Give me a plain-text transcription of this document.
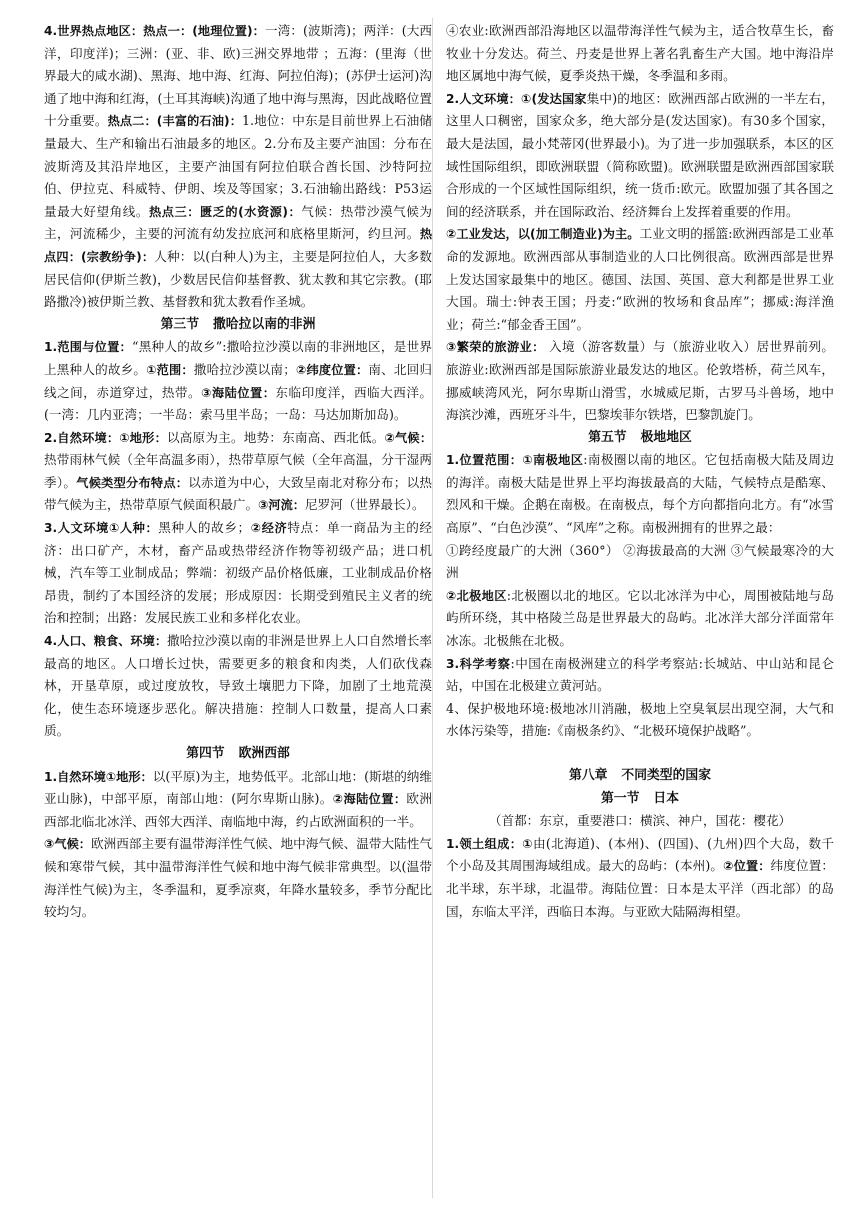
4.世界热点地区：热点一：(地理位置)：一湾：(波斯湾)；两洋：(大西洋，印度洋)；三洲：(亚、非、欧)三洲交界地带 ；五海：(里海（世界最大的咸水湖)、黑海、地中海、红海、阿拉伯海)；(苏伊士运河)沟通了地中海和红海，(土耳其海峡)沟通了地中海与黑海，因此战略位置十分重要。热点二：(丰富的石油)：1.地位：中东是目前世界上石油储量最大、生产和输出石油最多的地区。2.分布及主要产油国：分布在波斯湾及其沿岸地区，主要产油国有阿拉伯联合酋长国、沙特阿拉伯、伊拉克、科威特、伊朗、埃及等国家；3.石油输出路线：P53运量最大好望角线。热点三：匮乏的(水资源)：气候：热带沙漠气候为主，河流稀少，主要的河流有幼发拉底河和底格里斯河，约旦河。热点四：(宗教纷争)：人种：以(白种人)为主，主要是阿拉伯人，大多数居民信仰(伊斯兰教)，少数居民信仰基督教、犹太教和其它宗教。(耶路撒冷)被伊斯兰教、基督教和犹太教看作圣城。

第三节 撒哈拉以南的非洲

1.范围与位置：“黑种人的故乡”:撒哈拉沙漠以南的非洲地区，是世界上黑种人的故乡。①范围：撒哈拉沙漠以南；②纬度位置：南、北回归线之间，赤道穿过，热带。③海陆位置：东临印度洋，西临大西洋。(一湾：几内亚湾；一半岛：索马里半岛；一岛：马达加斯加岛)。

2.自然环境：①地形：以高原为主。地势：东南高、西北低。②气候：热带雨林气候（全年高温多雨），热带草原气候（全年高温，分干湿两季）。气候类型分布特点：以赤道为中心，大致呈南北对称分布；以热带气候为主，热带草原气候面积最广。③河流：尼罗河（世界最长）。

3.人文环境①人种：黑种人的故乡；②经济特点：单一商品为主的经济：出口矿产，木材，畜产品或热带经济作物等初级产品；进口机械，汽车等工业制成品；弊端：初级产品价格低廉，工业制成品价格昂贵，制约了本国经济的发展；形成原因：长期受到殖民主义者的统治和控制；出路：发展民族工业和多样化农业。

4.人口、粮食、环境：撒哈拉沙漠以南的非洲是世界上人口自然增长率最高的地区。人口增长过快，需要更多的粮食和肉类，人们砍伐森林，开垦草原，或过度放牧，导致土壤肥力下降，加剧了土地荒漠化，使生态环境逐步恶化。解决措施：控制人口数量，提高人口素质。

第四节 欧洲西部

1.自然环境①地形：以(平原)为主，地势低平。北部山地：(斯堪的纳维亚山脉)，中部平原，南部山地：(阿尔卑斯山脉)。②海陆位置：欧洲西部北临北冰洋、西邻大西洋、南临地中海，约占欧洲面积的一半。

③气候：欧洲西部主要有温带海洋性气候、地中海气候、温带大陆性气候和寒带气候，其中温带海洋性气候和地中海气候非常典型。以(温带海洋性气候)为主，冬季温和，夏季凉爽，年降水量较多，季节分配比较均匀。

④农业:欧洲西部沿海地区以温带海洋性气候为主，适合牧草生长，畜牧业十分发达。荷兰、丹麦是世界上著名乳畜生产大国。地中海沿岸地区属地中海气候，夏季炎热干燥，冬季温和多雨。

2.人文环境：①(发达国家集中)的地区：欧洲西部占欧洲的一半左右，这里人口稠密，国家众多，绝大部分是(发达国家)。有30多个国家，最大是法国，最小梵蒂冈(世界最小)。为了进一步加强联系，本区的区域性国际组织，即欧洲联盟（简称欧盟)。欧洲联盟是欧洲西部国家联合形成的一个区域性国际组织，统一货币:欧元。欧盟加强了其各国之间的经济联系，并在国际政治、经济舞台上发挥着重要的作用。

②工业发达，以(加工制造业)为主。工业文明的摇篮:欧洲西部是工业革命的发源地。欧洲西部从事制造业的人口比例很高。欧洲西部是世界上发达国家最集中的地区。德国、法国、英国、意大利都是世界工业大国。瑞士:钟表王国；丹麦:“欧洲的牧场和食品库”；挪威:海洋渔业；荷兰:“郁金香王国”。

③繁荣的旅游业： 入境（游客数量）与（旅游业收入）居世界前列。旅游业:欧洲西部是国际旅游业最发达的地区。伦敦塔桥，荷兰风车，挪威峡湾风光，阿尔卑斯山滑雪，水城威尼斯，古罗马斗兽场，地中海滨沙滩，西班牙斗牛，巴黎埃菲尔铁塔，巴黎凯旋门。

第五节 极地地区

1.位置范围：①南极地区:南极圈以南的地区。它包括南极大陆及周边的海洋。南极大陆是世界上平均海拔最高的大陆，气候特点是酷寒、烈风和干燥。企鹅在南极。在南极点，每个方向都指向北方。有“冰雪高原”、“白色沙漠”、“风库”之称。南极洲拥有的世界之最：

①跨经度最广的大洲（360°） ②海拔最高的大洲 ③气候最寒冷的大洲

②北极地区:北极圈以北的地区。它以北冰洋为中心，周围被陆地与岛屿所环绕，其中格陵兰岛是世界最大的岛屿。北冰洋大部分洋面常年冰冻。北极熊在北极。

3.科学考察:中国在南极洲建立的科学考察站:长城站、中山站和昆仑站，中国在北极建立黄河站。

4、保护极地环境:极地冰川消融，极地上空臭氧层出现空洞，大气和水体污染等，措施:《南极条约》、“北极环境保护战略”。

第八章 不同类型的国家

第一节 日本

（首都：东京，重要港口：横滨、神户，国花：樱花）

1.领土组成：①由(北海道)、(本州)、(四国)、(九州)四个大岛，数千个小岛及其周围海域组成。最大的岛屿：(本州)。②位置：纬度位置：北半球，东半球，北温带。海陆位置：日本是太平洋（西北部）的岛国，东临太平洋，西临日本海。与亚欧大陆隔海相望。
